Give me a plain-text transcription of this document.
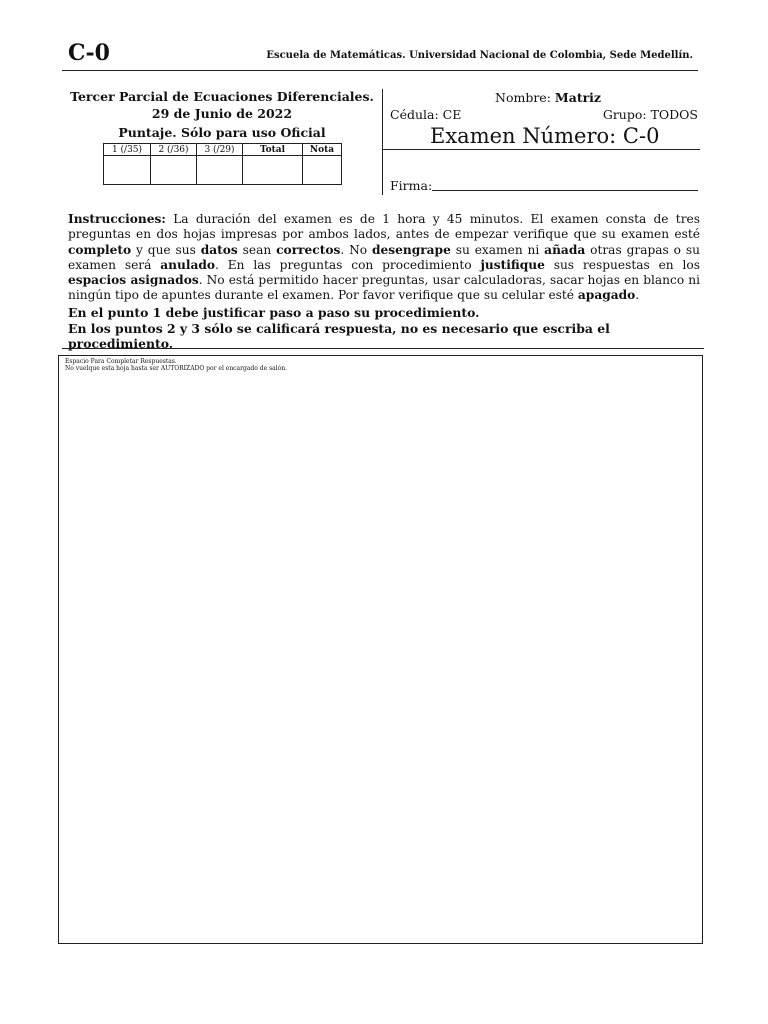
C-0	Escuela de Matemáticas. Universidad Nacional de Colombia, Sede Medellín.
Tercer Parcial de Ecuaciones Diferenciales.
29 de Junio de 2022
Puntaje. Sólo para uso Oficial
1 (/35)	2 (/36)	3 (/29)	Total	Nota

Nombre: Matriz
Cédula: CE	Grupo: TODOS
Examen Número: C-0
Firma:
Instrucciones: La duración del examen es de 1 hora y 45 minutos. El examen consta de tres preguntas en dos hojas impresas por ambos lados, antes de empezar verifique que su examen esté completo y que sus datos sean correctos. No desengrape su examen ni añada otras grapas o su examen será anulado. En las preguntas con procedimiento justifique sus respuestas en los espacios asignados. No está permitido hacer preguntas, usar calculadoras, sacar hojas en blanco ni ningún tipo de apuntes durante el examen. Por favor verifique que su celular esté apagado.
En el punto 1 debe justificar paso a paso su procedimiento.
En los puntos 2 y 3 sólo se calificará respuesta, no es necesario que escriba el procedimiento.
Espacio Para Completar Respuestas.
No vuelque esta hoja hasta ser AUTORIZADO por el encargado de salón.
